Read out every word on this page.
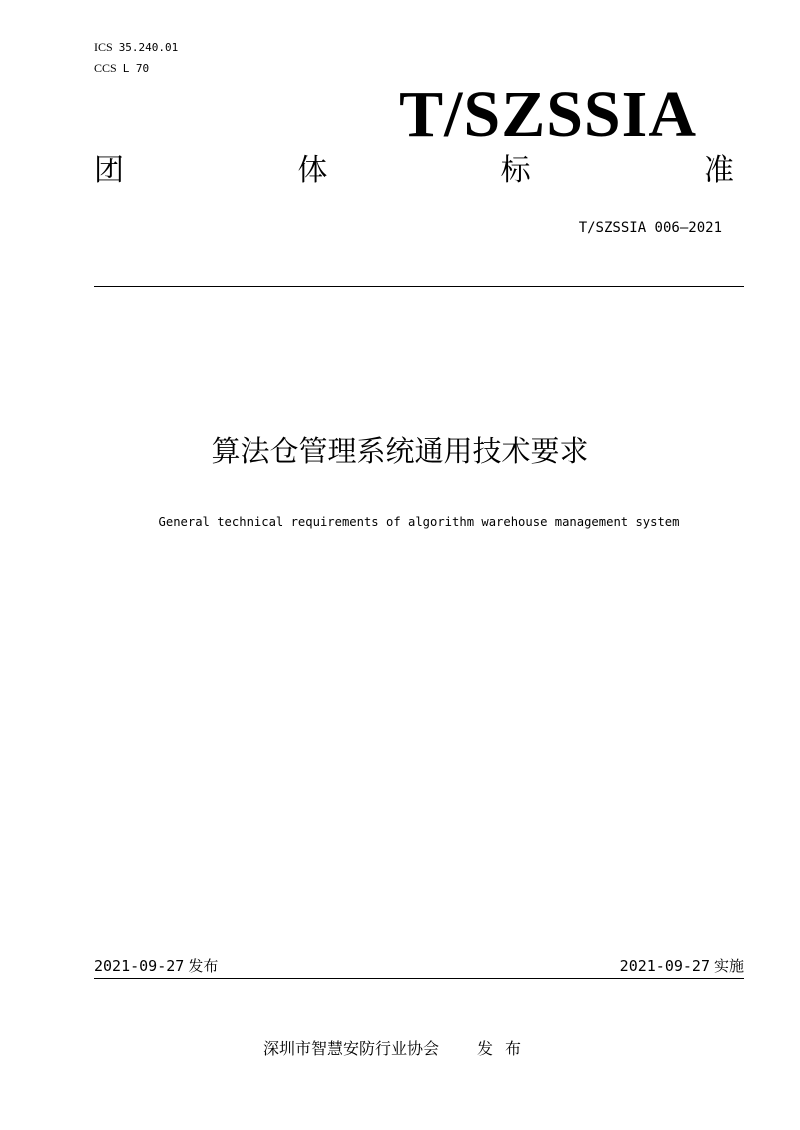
ICS 35.240.01
CCS L 70
T/SZSSIA
团	体	标	准
T/SZSSIA 006—2021
算法仓管理系统通用技术要求
General technical requirements of algorithm warehouse management system
2021-09-27 发布	2021-09-27 实施
深圳市智慧安防行业协会 发布
